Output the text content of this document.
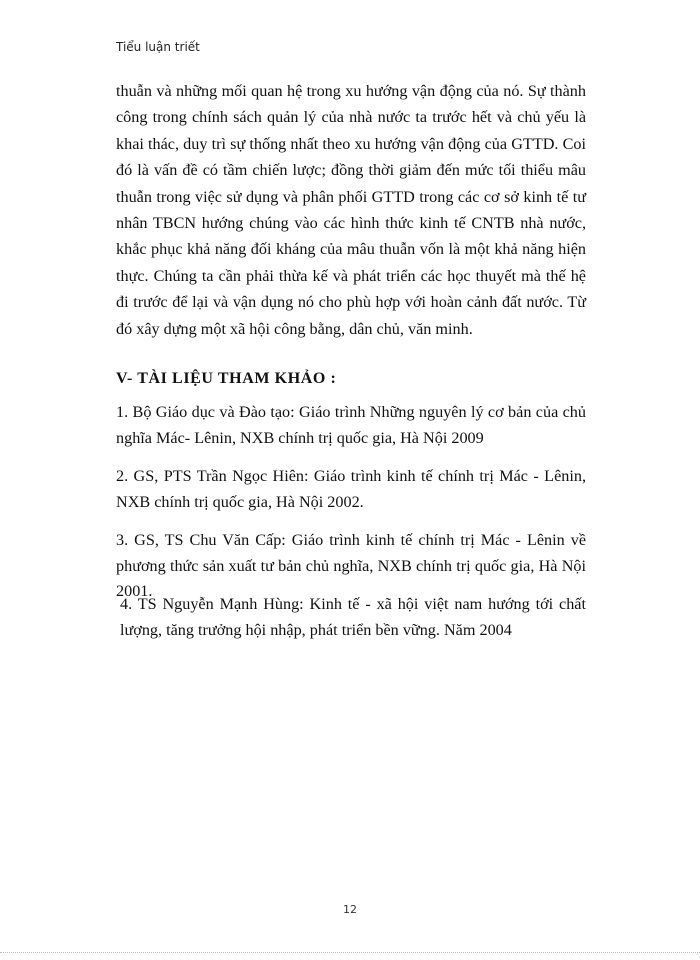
Tiểu luận triết

thuẫn và những mối quan hệ trong xu hướng vận động của nó. Sự thành công trong chính sách quản lý của nhà nước ta trước hết và chủ yếu là khai thác, duy trì sự thống nhất theo xu hướng vận động của GTTD. Coi đó là vấn đề có tầm chiến lược; đồng thời giảm đến mức tối thiểu mâu thuẫn trong việc sử dụng và phân phối GTTD trong các cơ sở kinh tế tư nhân TBCN hướng chúng vào các hình thức kinh tế CNTB nhà nước, khắc phục khả năng đối kháng của mâu thuẫn vốn là một khả năng hiện thực. Chúng ta cần phải thừa kế và phát triển các học thuyết mà thế hệ đi trước để lại và vận dụng nó cho phù hợp với hoàn cảnh đất nước. Từ đó xây dựng một xã hội công bằng, dân chủ, văn minh.

V- TÀI LIỆU THAM KHẢO :
1. Bộ Giáo dục và Đào tạo: Giáo trình Những nguyên lý cơ bản của chủ nghĩa Mác- Lênin, NXB chính trị quốc gia, Hà Nội 2009
2. GS, PTS Trần Ngọc Hiên: Giáo trình kinh tế chính trị Mác - Lênin, NXB chính trị quốc gia, Hà Nội 2002.
3. GS, TS Chu Văn Cấp: Giáo trình kinh tế chính trị Mác - Lênin về phương thức sản xuất tư bản chủ nghĩa, NXB chính trị quốc gia, Hà Nội 2001.
4. TS Nguyễn Mạnh Hùng: Kinh tế - xã hội việt nam hướng tới chất lượng, tăng trưởng hội nhập, phát triển bền vững. Năm 2004
12
